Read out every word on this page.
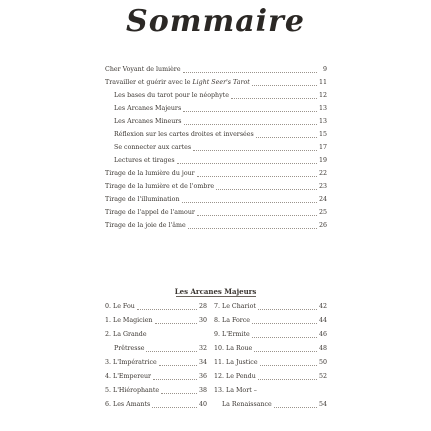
Sommaire
Cher Voyant de lumière	9
Travailler et guérir avec le Light Seer's Tarot	11
Les bases du tarot pour le néophyte	12
Les Arcanes Majeurs	13
Les Arcanes Mineurs	13
Réflexion sur les cartes droites et inversées	15
Se connecter aux cartes	17
Lectures et tirages	19
Tirage de la lumière du jour	22
Tirage de la lumière et de l'ombre	23
Tirage de l'illumination	24
Tirage de l'appel de l'amour	25
Tirage de la joie de l'âme	26
Les Arcanes Majeurs
0. Le Fou	28
1. Le Magicien	30
2. La Grande
Prêtresse	32
3. L'Impératrice	34
4. L'Empereur	36
5. L'Hiérophante	38
6. Les Amants	40
7. Le Chariot	42
8. La Force	44
9. L'Ermite	46
10. La Roue	48
11. La Justice	50
12. Le Pendu	52
13. La Mort –
La Renaissance	54
